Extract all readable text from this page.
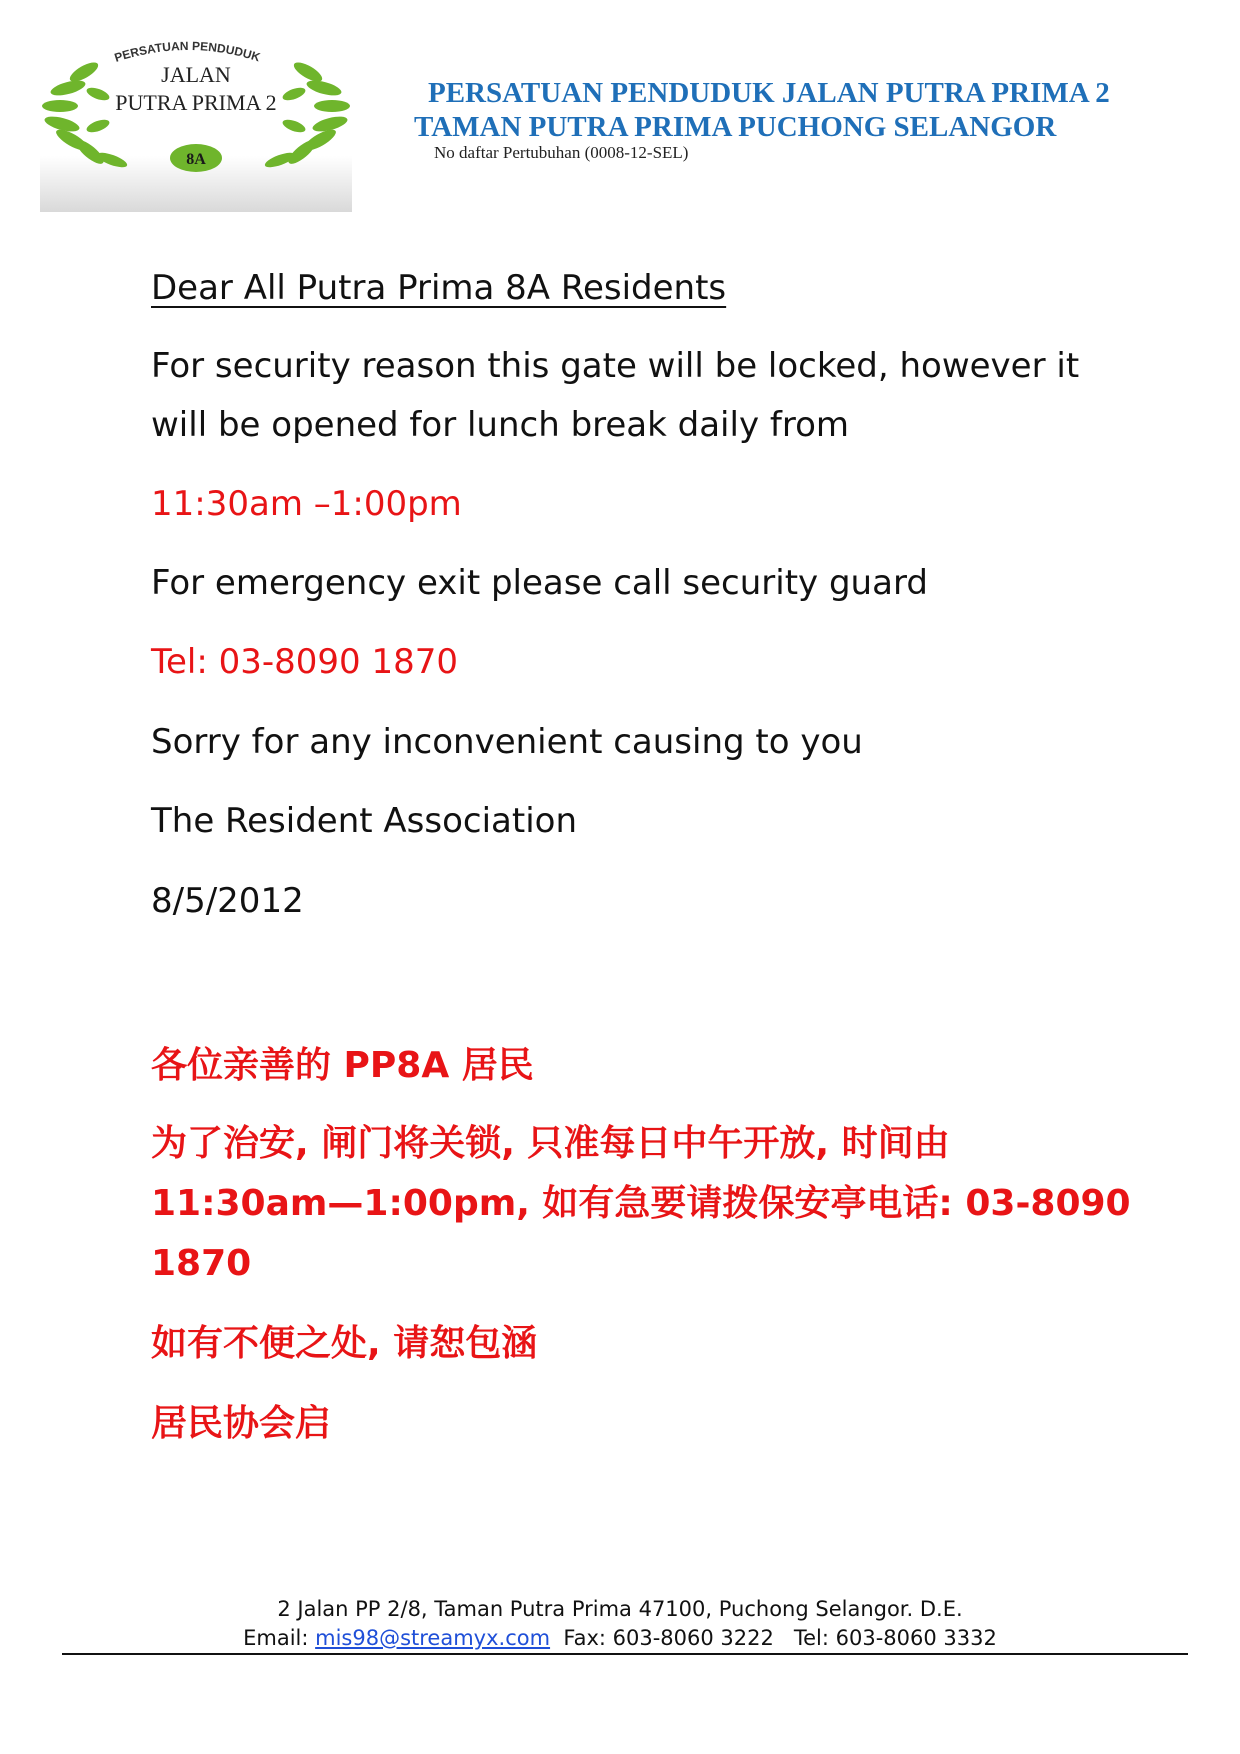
PERSATUAN PENDUDUK
JALAN
PUTRA PRIMA 2
8A
PERSATUAN PENDUDUK JALAN PUTRA PRIMA 2
TAMAN PUTRA PRIMA PUCHONG SELANGOR
No daftar Pertubuhan (0008-12-SEL)
Dear All Putra Prima 8A Residents
For security reason this gate will be locked, however it
will be opened for lunch break daily from
11:30am –1:00pm
For emergency exit please call security guard
Tel: 03-8090 1870
Sorry for any inconvenient causing to you
The Resident Association
8/5/2012
各位亲善的 PP8A 居民
为了治安, 闸门将关锁, 只准每日中午开放, 时间由
11:30am—1:00pm, 如有急要请拨保安亭电话: 03-8090
1870
如有不便之处, 请恕包涵
居民协会启
2 Jalan PP 2/8, Taman Putra Prima 47100, Puchong Selangor. D.E.
Email: mis98@streamyx.com Fax: 603-8060 3222 Tel: 603-8060 3332
